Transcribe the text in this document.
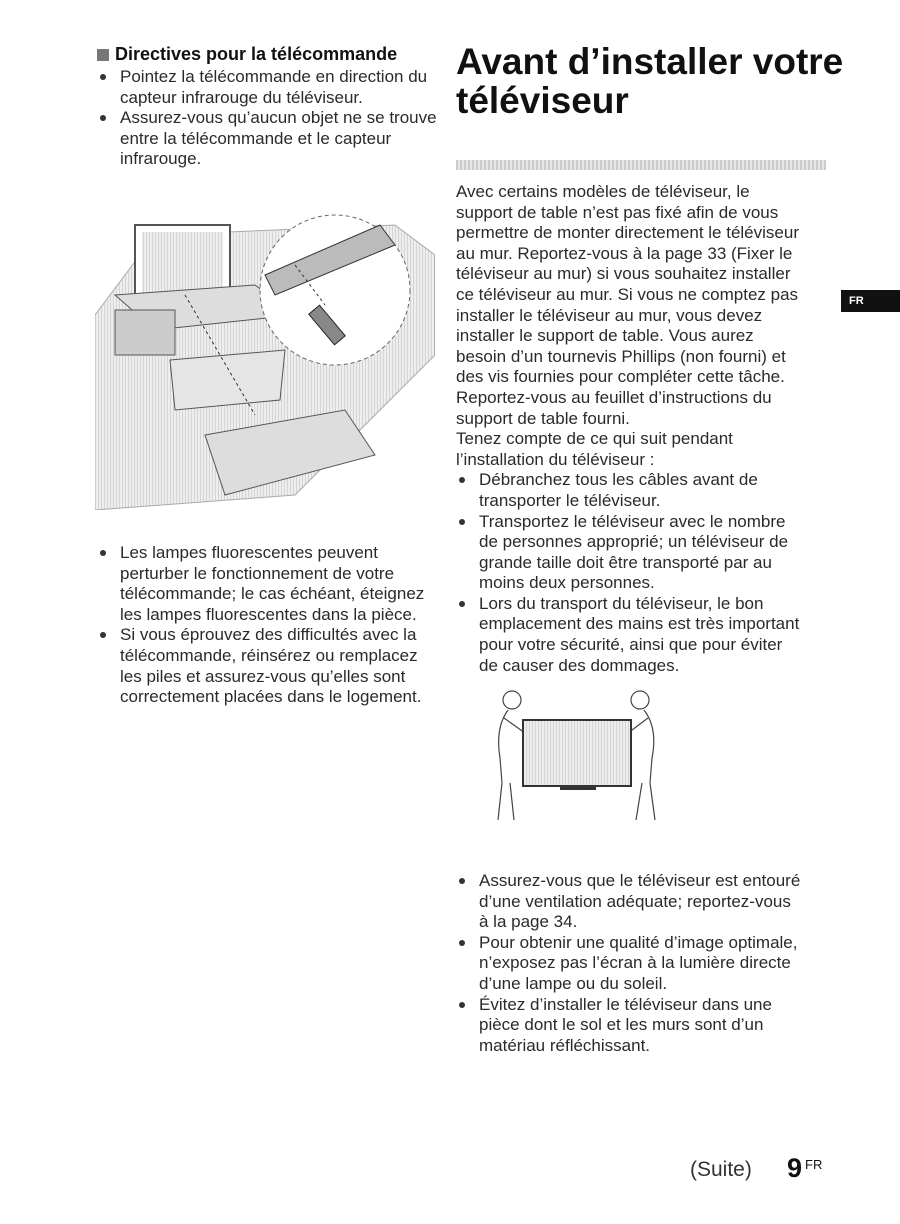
Directives pour la télécommande
Pointez la télécommande en direction du capteur infrarouge du téléviseur.
Assurez-vous qu’aucun objet ne se trouve entre la télécommande et le capteur infrarouge.
Les lampes fluorescentes peuvent perturber le fonctionnement de votre télécommande; le cas échéant, éteignez les lampes fluorescentes dans la pièce.
Si vous éprouvez des difficultés avec la télécommande, réinsérez ou remplacez les piles et assurez-vous qu’elles sont correctement placées dans le logement.
Avant d’installer votre téléviseur

Avec certains modèles de téléviseur, le support de table n’est pas fixé afin de vous permettre de monter directement le téléviseur au mur. Reportez-vous à la page 33 (Fixer le téléviseur au mur) si vous souhaitez installer ce téléviseur au mur. Si vous ne comptez pas installer le téléviseur au mur, vous devez installer le support de table. Vous aurez besoin d’un tournevis Phillips (non fourni) et des vis fournies pour compléter cette tâche. Reportez-vous au feuillet d’instructions du support de table fourni.

Tenez compte de ce qui suit pendant l’installation du téléviseur :

Débranchez tous les câbles avant de transporter le téléviseur.
Transportez le téléviseur avec le nombre de personnes approprié; un téléviseur de grande taille doit être transporté par au moins deux personnes.
Lors du transport du téléviseur, le bon emplacement des mains est très important pour votre sécurité, ainsi que pour éviter de causer des dommages.
FR
Assurez-vous que le téléviseur est entouré d’une ventilation adéquate; reportez-vous à la page 34.
Pour obtenir une qualité d’image optimale, n’exposez pas l’écran à la lumière directe d’une lampe ou du soleil.
Évitez d’installer le téléviseur dans une pièce dont le sol et les murs sont d’un matériau réfléchissant.
(Suite) 9 FR
